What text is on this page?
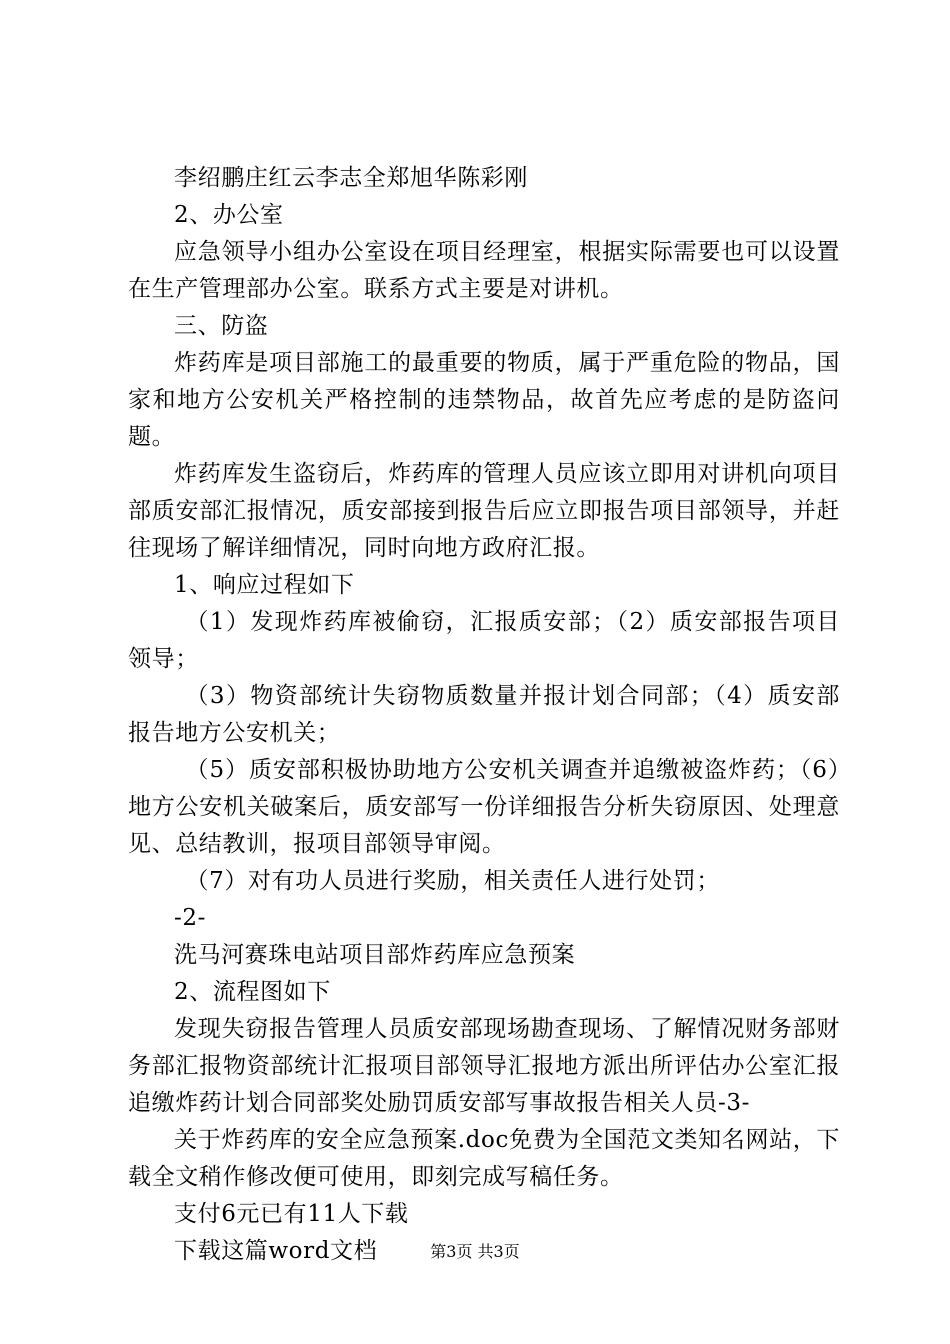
李绍鹏庄红云李志全郑旭华陈彩刚

2、办公室

应急领导小组办公室设在项目经理室，根据实际需要也可以设置在生产管理部办公室。联系方式主要是对讲机。

三、防盗

炸药库是项目部施工的最重要的物质，属于严重危险的物品，国家和地方公安机关严格控制的违禁物品，故首先应考虑的是防盗问题。

炸药库发生盗窃后，炸药库的管理人员应该立即用对讲机向项目部质安部汇报情况，质安部接到报告后应立即报告项目部领导，并赶往现场了解详细情况，同时向地方政府汇报。

1、响应过程如下

（1）发现炸药库被偷窃，汇报质安部；（2）质安部报告项目领导；

（3）物资部统计失窃物质数量并报计划合同部；（4）质安部报告地方公安机关；

（5）质安部积极协助地方公安机关调查并追缴被盗炸药；（6）地方公安机关破案后，质安部写一份详细报告分析失窃原因、处理意见、总结教训，报项目部领导审阅。

（7）对有功人员进行奖励，相关责任人进行处罚；

-2-

洗马河赛珠电站项目部炸药库应急预案

2、流程图如下

发现失窃报告管理人员质安部现场勘查现场、了解情况财务部财务部汇报物资部统计汇报项目部领导汇报地方派出所评估办公室汇报追缴炸药计划合同部奖处励罚质安部写事故报告相关人员-3-

关于炸药库的安全应急预案.doc免费为全国范文类知名网站，下载全文稍作修改便可使用，即刻完成写稿任务。

支付6元已有11人下载

下载这篇word文档	第3页 共3页
